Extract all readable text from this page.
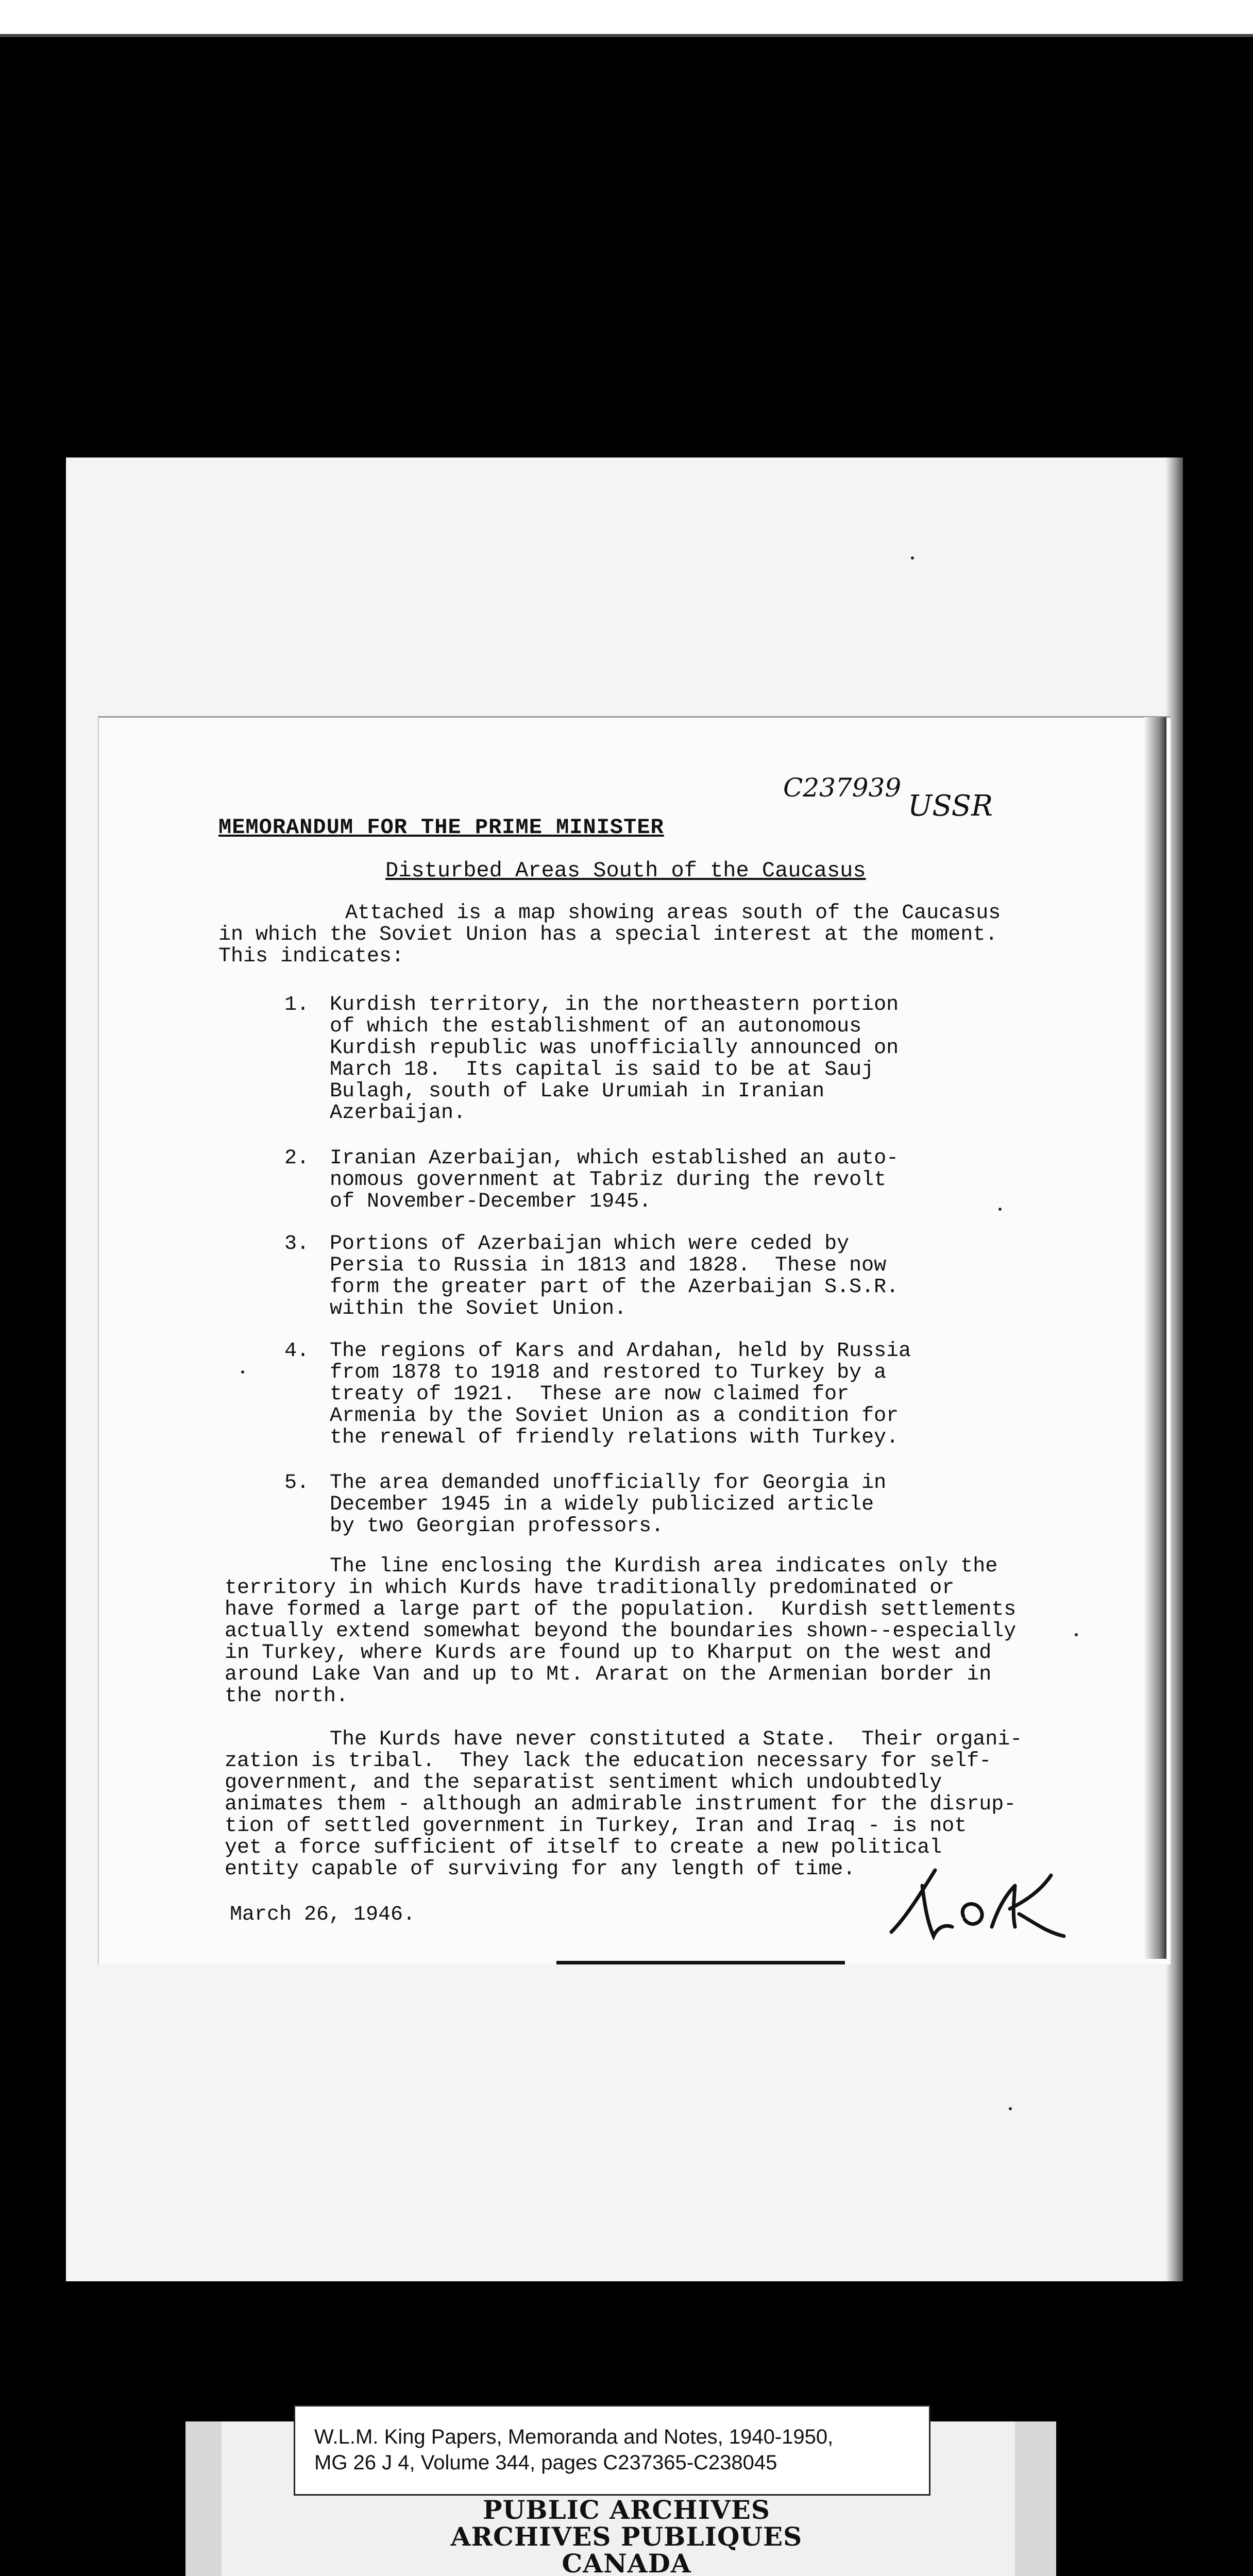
C237939
USSR
MEMORANDUM FOR THE PRIME MINISTER
Disturbed Areas South of the Caucasus
Attached is a map showing areas south of the Caucasus
in which the Soviet Union has a special interest at the moment.
This indicates:
1. Kurdish territory, in the northeastern portion
of which the establishment of an autonomous
Kurdish republic was unofficially announced on
March 18.  Its capital is said to be at Sauj
Bulagh, south of Lake Urumiah in Iranian
Azerbaijan.
2. Iranian Azerbaijan, which established an auto-
nomous government at Tabriz during the revolt
of November-December 1945.
3. Portions of Azerbaijan which were ceded by
Persia to Russia in 1813 and 1828.  These now
form the greater part of the Azerbaijan S.S.R.
within the Soviet Union.
4. The regions of Kars and Ardahan, held by Russia
from 1878 to 1918 and restored to Turkey by a
treaty of 1921.  These are now claimed for
Armenia by the Soviet Union as a condition for
the renewal of friendly relations with Turkey.
5. The area demanded unofficially for Georgia in
December 1945 in a widely publicized article
by two Georgian professors.
The line enclosing the Kurdish area indicates only the
territory in which Kurds have traditionally predominated or
have formed a large part of the population.  Kurdish settlements
actually extend somewhat beyond the boundaries shown--especially
in Turkey, where Kurds are found up to Kharput on the west and
around Lake Van and up to Mt. Ararat on the Armenian border in
the north.
The Kurds have never constituted a State.  Their organi-
zation is tribal.  They lack the education necessary for self-
government, and the separatist sentiment which undoubtedly
animates them - although an admirable instrument for the disrup-
tion of settled government in Turkey, Iran and Iraq - is not
yet a force sufficient of itself to create a new political
entity capable of surviving for any length of time.
March 26, 1946.
W.L.M. King Papers, Memoranda and Notes, 1940-1950,
MG 26 J 4, Volume 344, pages C237365-C238045
PUBLIC ARCHIVES
ARCHIVES PUBLIQUES
CANADA
